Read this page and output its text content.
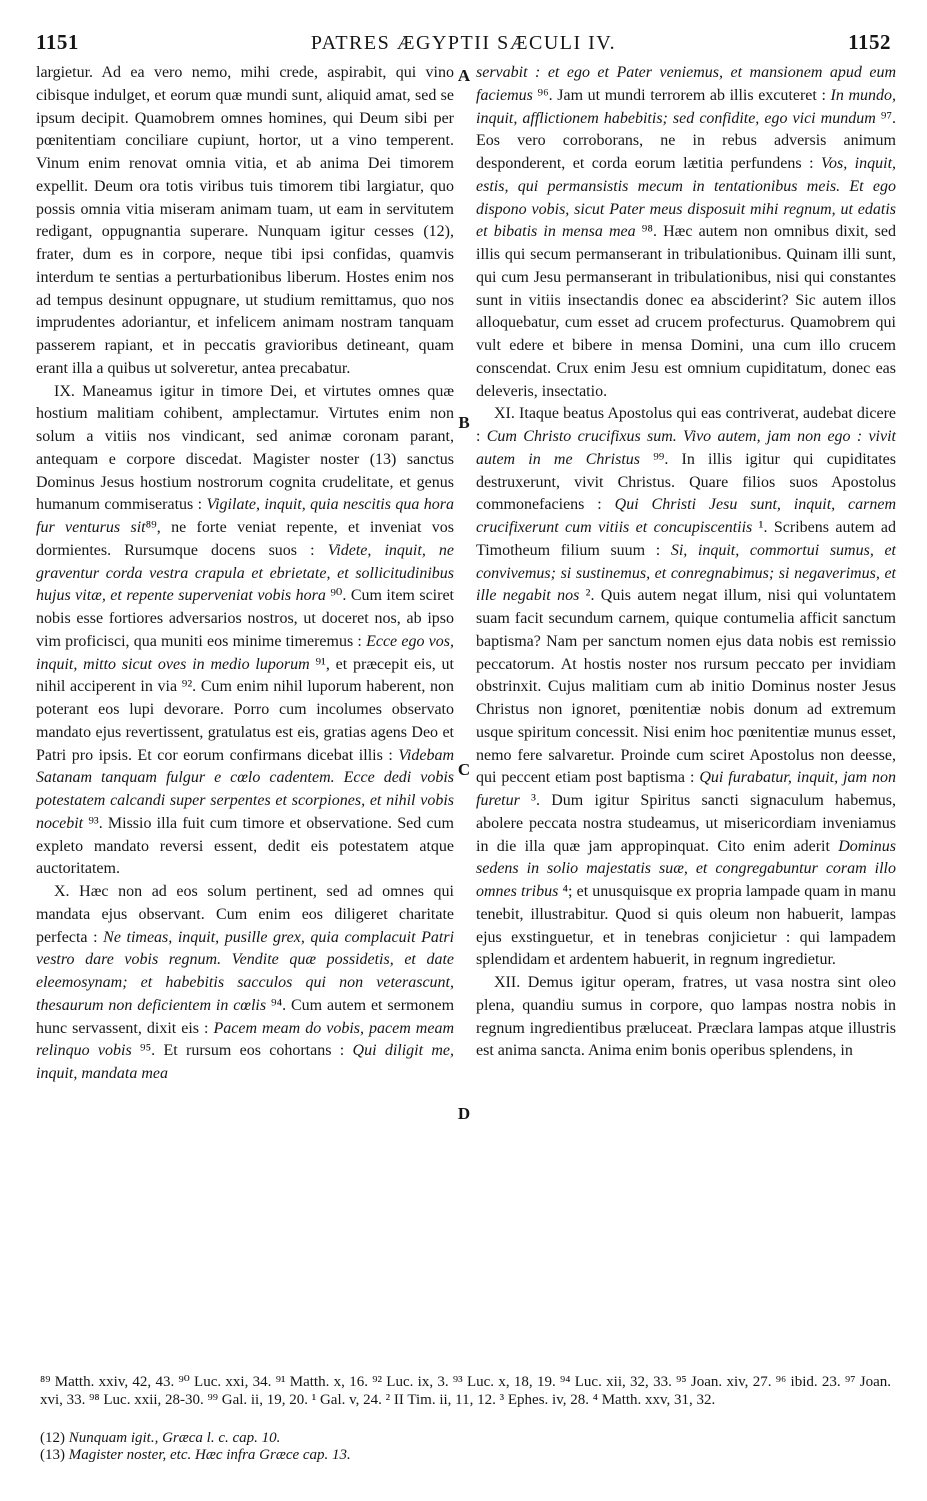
1151	PATRES ÆGYPTII SÆCULI IV.	1152
A
B
C
D

largietur. Ad ea vero nemo, mihi crede, aspirabit, qui vino cibisque indulget, et eorum quæ mundi sunt, aliquid amat, sed se ipsum decipit. Quamobrem omnes homines, qui Deum sibi per pœnitentiam conciliare cupiunt, hortor, ut a vino temperent. Vinum enim renovat omnia vitia, et ab anima Dei timorem expellit. Deum ora totis viribus tuis timorem tibi largiatur, quo possis omnia vitia miseram animam tuam, ut eam in servitutem redigant, oppugnantia superare. Nunquam igitur cesses (12), frater, dum es in corpore, neque tibi ipsi confidas, quamvis interdum te sentias a perturbationibus liberum. Hostes enim nos ad tempus desinunt oppugnare, ut studium remittamus, quo nos imprudentes adoriantur, et infelicem animam nostram tanquam passerem rapiant, et in peccatis gravioribus detineant, quam erant illa a quibus ut solveretur, antea precabatur.

IX. Maneamus igitur in timore Dei, et virtutes omnes quæ hostium malitiam cohibent, amplectamur. Virtutes enim non solum a vitiis nos vindicant, sed animæ coronam parant, antequam e corpore discedat. Magister noster (13) sanctus Dominus Jesus hostium nostrorum cognita crudelitate, et genus humanum commiseratus : Vigilate, inquit, quia nescitis qua hora fur venturus sit⁸⁹, ne forte veniat repente, et inveniat vos dormientes. Rursumque docens suos : Videte, inquit, ne graventur corda vestra crapula et ebrietate, et sollicitudinibus hujus vitæ, et repente superveniat vobis hora ⁹⁰. Cum item sciret nobis esse fortiores adversarios nostros, ut doceret nos, ab ipso vim proficisci, qua muniti eos minime timeremus : Ecce ego vos, inquit, mitto sicut oves in medio luporum ⁹¹, et præcepit eis, ut nihil acciperent in via ⁹². Cum enim nihil luporum haberent, non poterant eos lupi devorare. Porro cum incolumes observato mandato ejus revertissent, gratulatus est eis, gratias agens Deo et Patri pro ipsis. Et cor eorum confirmans dicebat illis : Videbam Satanam tanquam fulgur e cœlo cadentem. Ecce dedi vobis potestatem calcandi super serpentes et scorpiones, et nihil vobis nocebit ⁹³. Missio illa fuit cum timore et observatione. Sed cum expleto mandato reversi essent, dedit eis potestatem atque auctoritatem.

X. Hæc non ad eos solum pertinent, sed ad omnes qui mandata ejus observant. Cum enim eos diligeret charitate perfecta : Ne timeas, inquit, pusille grex, quia complacuit Patri vestro dare vobis regnum. Vendite quæ possidetis, et date eleemosynam; et habebitis sacculos qui non veterascunt, thesaurum non deficientem in cœlis ⁹⁴. Cum autem et sermonem hunc servassent, dixit eis : Pacem meam do vobis, pacem meam relinquo vobis ⁹⁵. Et rursum eos cohortans : Qui diligit me, inquit, mandata mea

servabit : et ego et Pater veniemus, et mansionem apud eum faciemus ⁹⁶. Jam ut mundi terrorem ab illis excuteret : In mundo, inquit, afflictionem habebitis; sed confidite, ego vici mundum ⁹⁷. Eos vero corroborans, ne in rebus adversis animum desponderent, et corda eorum lætitia perfundens : Vos, inquit, estis, qui permansistis mecum in tentationibus meis. Et ego dispono vobis, sicut Pater meus disposuit mihi regnum, ut edatis et bibatis in mensa mea ⁹⁸. Hæc autem non omnibus dixit, sed illis qui secum permanserant in tribulationibus. Quinam illi sunt, qui cum Jesu permanserant in tribulationibus, nisi qui constantes sunt in vitiis insectandis donec ea absciderint? Sic autem illos alloquebatur, cum esset ad crucem profecturus. Quamobrem qui vult edere et bibere in mensa Domini, una cum illo crucem conscendat. Crux enim Jesu est omnium cupiditatum, donec eas deleveris, insectatio.

XI. Itaque beatus Apostolus qui eas contriverat, audebat dicere : Cum Christo crucifixus sum. Vivo autem, jam non ego : vivit autem in me Christus ⁹⁹. In illis igitur qui cupiditates destruxerunt, vivit Christus. Quare filios suos Apostolus commonefaciens : Qui Christi Jesu sunt, inquit, carnem crucifixerunt cum vitiis et concupiscentiis ¹. Scribens autem ad Timotheum filium suum : Si, inquit, commortui sumus, et convivemus; si sustinemus, et conregnabimus; si negaverimus, et ille negabit nos ². Quis autem negat illum, nisi qui voluntatem suam facit secundum carnem, quique contumelia afficit sanctum baptisma? Nam per sanctum nomen ejus data nobis est remissio peccatorum. At hostis noster nos rursum peccato per invidiam obstrinxit. Cujus malitiam cum ab initio Dominus noster Jesus Christus non ignoret, pœnitentiæ nobis donum ad extremum usque spiritum concessit. Nisi enim hoc pœnitentiæ munus esset, nemo fere salvaretur. Proinde cum sciret Apostolus non deesse, qui peccent etiam post baptisma : Qui furabatur, inquit, jam non furetur ³. Dum igitur Spiritus sancti signaculum habemus, abolere peccata nostra studeamus, ut misericordiam inveniamus in die illa quæ jam appropinquat. Cito enim aderit Dominus sedens in solio majestatis suæ, et congregabuntur coram illo omnes tribus ⁴; et unusquisque ex propria lampade quam in manu tenebit, illustrabitur. Quod si quis oleum non habuerit, lampas ejus exstinguetur, et in tenebras conjicietur : qui lampadem splendidam et ardentem habuerit, in regnum ingredietur.

XII. Demus igitur operam, fratres, ut vasa nostra sint oleo plena, quandiu sumus in corpore, quo lampas nostra nobis in regnum ingredientibus præluceat. Præclara lampas atque illustris est anima sancta. Anima enim bonis operibus splendens, in

⁸⁹ Matth. xxiv, 42, 43. ⁹⁰ Luc. xxi, 34. ⁹¹ Matth. x, 16. ⁹² Luc. ix, 3. ⁹³ Luc. x, 18, 19. ⁹⁴ Luc. xii, 32, 33. ⁹⁵ Joan. xiv, 27. ⁹⁶ ibid. 23. ⁹⁷ Joan. xvi, 33. ⁹⁸ Luc. xxii, 28-30. ⁹⁹ Gal. ii, 19, 20. ¹ Gal. v, 24. ² II Tim. ii, 11, 12. ³ Ephes. iv, 28. ⁴ Matth. xxv, 31, 32.

(12) Nunquam igit., Græca l. c. cap. 10.

(13) Magister noster, etc. Hæc infra Græce cap. 13.
